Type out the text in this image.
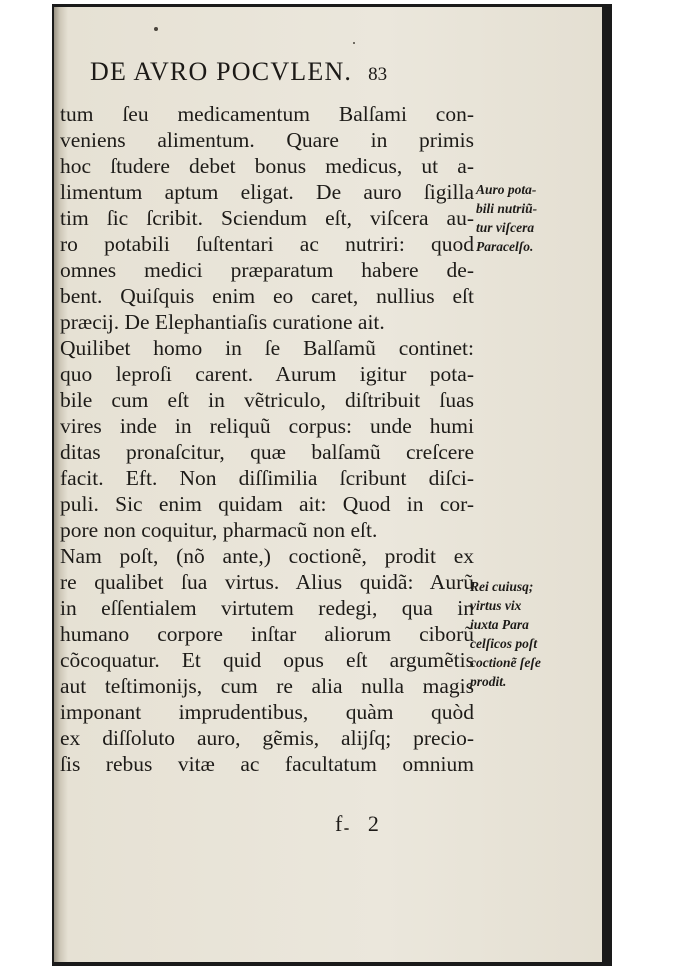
DE AVRO POCVLEN. 83
tum ſeu medicamentum Balſami con-
veniens alimentum. Quare in primis
hoc ſtudere debet bonus medicus, ut a-
limentum aptum eligat. De auro ſigilla
tim ſic ſcribit. Sciendum eſt, viſcera au-
ro potabili ſuſtentari ac nutriri: quod
omnes medici præparatum habere de-
bent. Quiſquis enim eo caret, nullius eſt
præcij. De Elephantiaſis curatione ait.
Quilibet homo in ſe Balſamũ continet:
quo leproſi carent. Aurum igitur pota-
bile cum eſt in vẽtriculo, diſtribuit ſuas
vires inde in reliquũ corpus: unde humi
ditas pronaſcitur, quæ balſamũ creſcere
facit. Eft. Non diſſimilia ſcribunt diſci-
puli. Sic enim quidam ait: Quod in cor-
pore non coquitur, pharmacũ non eſt.
Nam poſt, (nõ ante,) coctionẽ, prodit ex
re qualibet ſua virtus. Alius quidã: Aurũ
in eſſentialem virtutem redegi, qua in
humano corpore inſtar aliorum ciborũ
cõcoquatur. Et quid opus eſt argumẽtis
aut teſtimonijs, cum re alia nulla magis
imponant imprudentibus, quàm quòd
ex diſſoluto auro, gẽmis, alijſq; precio-
ſis rebus vitæ ac facultatum omnium
Auro pota-
bili nutriũ-
tur viſcera
Paracelſo.
Rei cuiusq;
virtus vix
iuxta Para
celſicos poſt
coctionẽ ſeſe
prodit.
f 2
